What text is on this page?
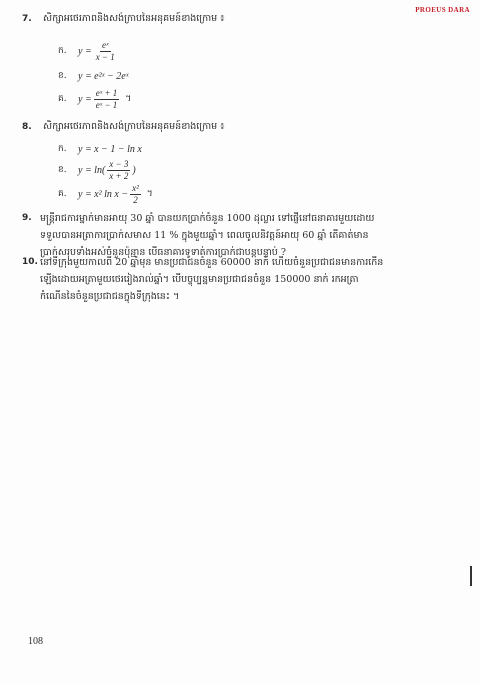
PROEUS DARA
7. សិក្សាអថេរភាពនិងសង់ក្រាបនៃអនុគមន៍ខាងក្រោម ៖
ក.	$y = \frac{\text{eˣ}}{x - 1}$
ខ.	y = e²ˣ − 2eˣ
គ.	$y = \frac{\text{eˣ + 1}}{\text{eˣ − 1}}$ ។
8. សិក្សាអថេរភាពនិងសង់ក្រាបនៃអនុគមន៍ខាងក្រោម ៖
ក.	y = x − 1 − ln x
ខ.	$y = \ln( \frac{x - 3}{x + 2}$ )
គ.	y = x² $\ln x - \frac{\text{x²}}{2}$ ។
9. មន្ត្រីរាជការម្នាក់មានអាយុ 30 ឆ្នាំ បានយកប្រាក់ចំនួន 1000 ដុល្លារ ទៅផ្ញើនៅធនាគារមួយដោយ
ទទួលបានអត្រាការប្រាក់សមាស 11 % ក្នុងមួយឆ្នាំ។ ពេលចូលនិវត្តន៍អាយុ 60 ឆ្នាំ តើគាត់មាន
ប្រាក់សរុបទាំងអស់ចំនួនប៉ុន្មាន បើធនាគារទូទាត់ការប្រាក់ជាបន្តបន្ទាប់ ?
10. នៅទីក្រុងមួយកាលពី 20 ឆ្នាំមុន មានប្រជាជនចំនួន 60000 នាក់ ហើយចំនួនប្រជាជនមានការកើន
ឡើងដោយអត្រាមួយថេររៀងរាល់ឆ្នាំ។ បើបច្ចុប្បន្នមានប្រជាជនចំនួន 150000 នាក់ រកអត្រា
កំណើននៃចំនួនប្រជាជនក្នុងទីក្រុងនេះ ។
108
